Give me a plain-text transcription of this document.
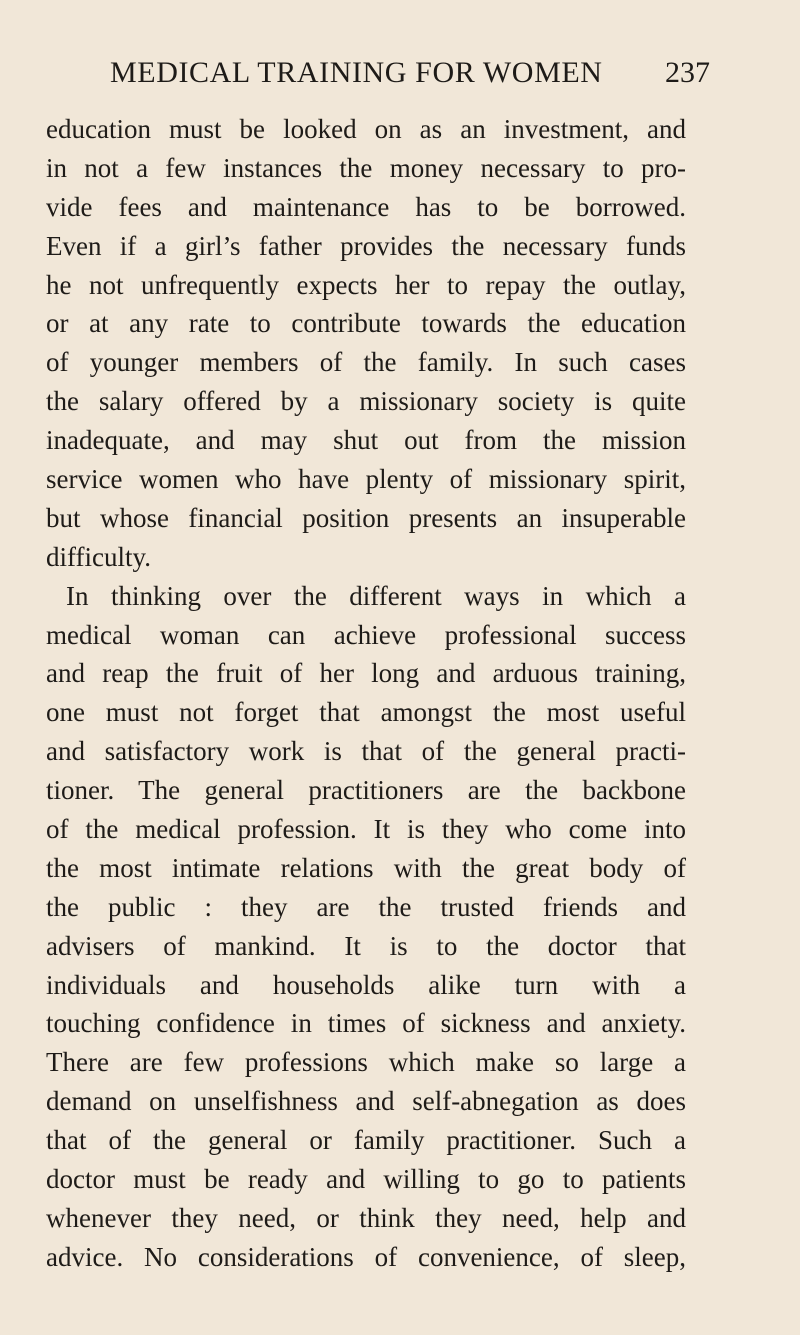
MEDICAL TRAINING FOR WOMEN 237
education must be looked on as an investment, and
in not a few instances the money necessary to pro-
vide fees and maintenance has to be borrowed.
Even if a girl’s father provides the necessary funds
he not unfrequently expects her to repay the outlay,
or at any rate to contribute towards the education
of younger members of the family. In such cases
the salary offered by a missionary society is quite
inadequate, and may shut out from the mission
service women who have plenty of missionary spirit,
but whose financial position presents an insuperable
difficulty.
In thinking over the different ways in which a
medical woman can achieve professional success
and reap the fruit of her long and arduous training,
one must not forget that amongst the most useful
and satisfactory work is that of the general practi-
tioner. The general practitioners are the backbone
of the medical profession. It is they who come into
the most intimate relations with the great body of
the public : they are the trusted friends and
advisers of mankind. It is to the doctor that
individuals and households alike turn with a
touching confidence in times of sickness and anxiety.
There are few professions which make so large a
demand on unselfishness and self-abnegation as does
that of the general or family practitioner. Such a
doctor must be ready and willing to go to patients
whenever they need, or think they need, help and
advice. No considerations of convenience, of sleep,
